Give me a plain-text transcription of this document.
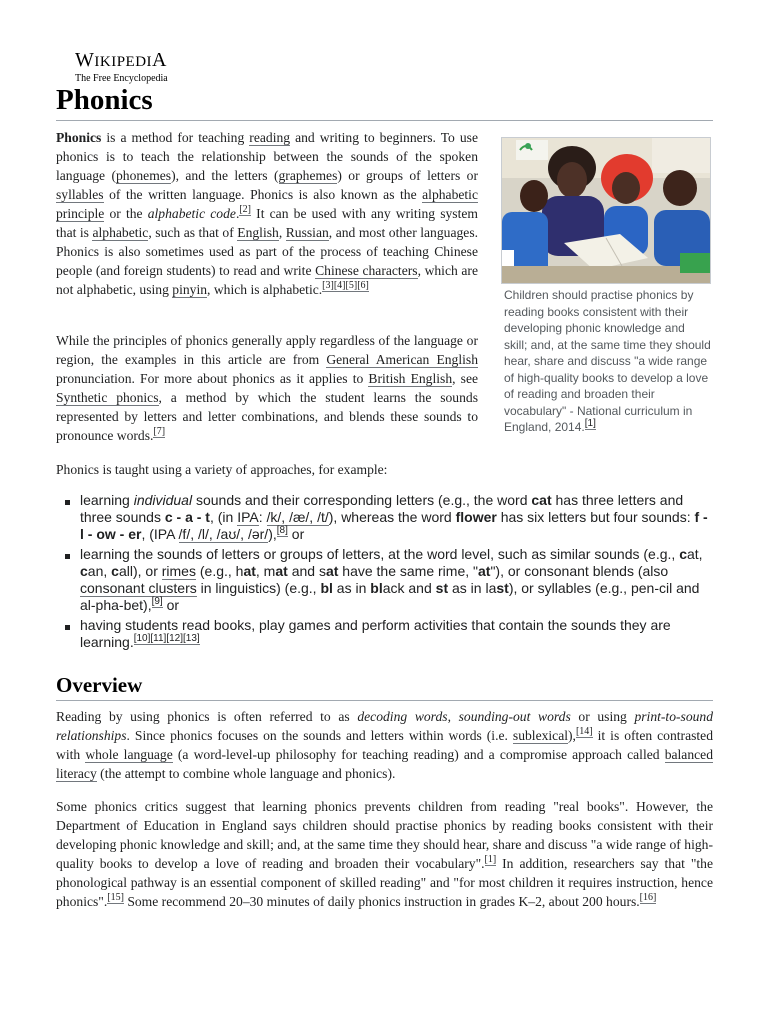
WIKIPEDIA
The Free Encyclopedia
Phonics

Phonics is a method for teaching reading and writing to beginners. To use phonics is to teach the relationship between the sounds of the spoken language (phonemes), and the letters (graphemes) or groups of letters or syllables of the written language. Phonics is also known as the alphabetic principle or the alphabetic code.[2] It can be used with any writing system that is alphabetic, such as that of English, Russian, and most other languages. Phonics is also sometimes used as part of the process of teaching Chinese people (and foreign students) to read and write Chinese characters, which are not alphabetic, using pinyin, which is alphabetic.[3][4][5][6]

While the principles of phonics generally apply regardless of the language or region, the examples in this article are from General American English pronunciation. For more about phonics as it applies to British English, see Synthetic phonics, a method by which the student learns the sounds represented by letters and letter combinations, and blends these sounds to pronounce words.[7]

Phonics is taught using a variety of approaches, for example:

Children should practise phonics by reading books consistent with their developing phonic knowledge and skill; and, at the same time they should hear, share and discuss "a wide range of high-quality books to develop a love of reading and broaden their vocabulary" - National curriculum in England, 2014.[1]
learning individual sounds and their corresponding letters (e.g., the word cat has three letters and three sounds c - a - t, (in IPA: /k/, /æ/, /t/), whereas the word flower has six letters but four sounds: f - l - ow - er, (IPA /f/, /l/, /aʊ/, /ər/),[8] or
learning the sounds of letters or groups of letters, at the word level, such as similar sounds (e.g., cat, can, call), or rimes (e.g., hat, mat and sat have the same rime, "at"), or consonant blends (also consonant clusters in linguistics) (e.g., bl as in black and st as in last), or syllables (e.g., pen-cil and al-pha-bet),[9] or
having students read books, play games and perform activities that contain the sounds they are learning.[10][11][12][13]
Overview

Reading by using phonics is often referred to as decoding words, sounding-out words or using print-to-sound relationships. Since phonics focuses on the sounds and letters within words (i.e. sublexical),[14] it is often contrasted with whole language (a word-level-up philosophy for teaching reading) and a compromise approach called balanced literacy (the attempt to combine whole language and phonics).

Some phonics critics suggest that learning phonics prevents children from reading "real books". However, the Department of Education in England says children should practise phonics by reading books consistent with their developing phonic knowledge and skill; and, at the same time they should hear, share and discuss "a wide range of high-quality books to develop a love of reading and broaden their vocabulary".[1] In addition, researchers say that "the phonological pathway is an essential component of skilled reading" and "for most children it requires instruction, hence phonics".[15] Some recommend 20–30 minutes of daily phonics instruction in grades K–2, about 200 hours.[16]
